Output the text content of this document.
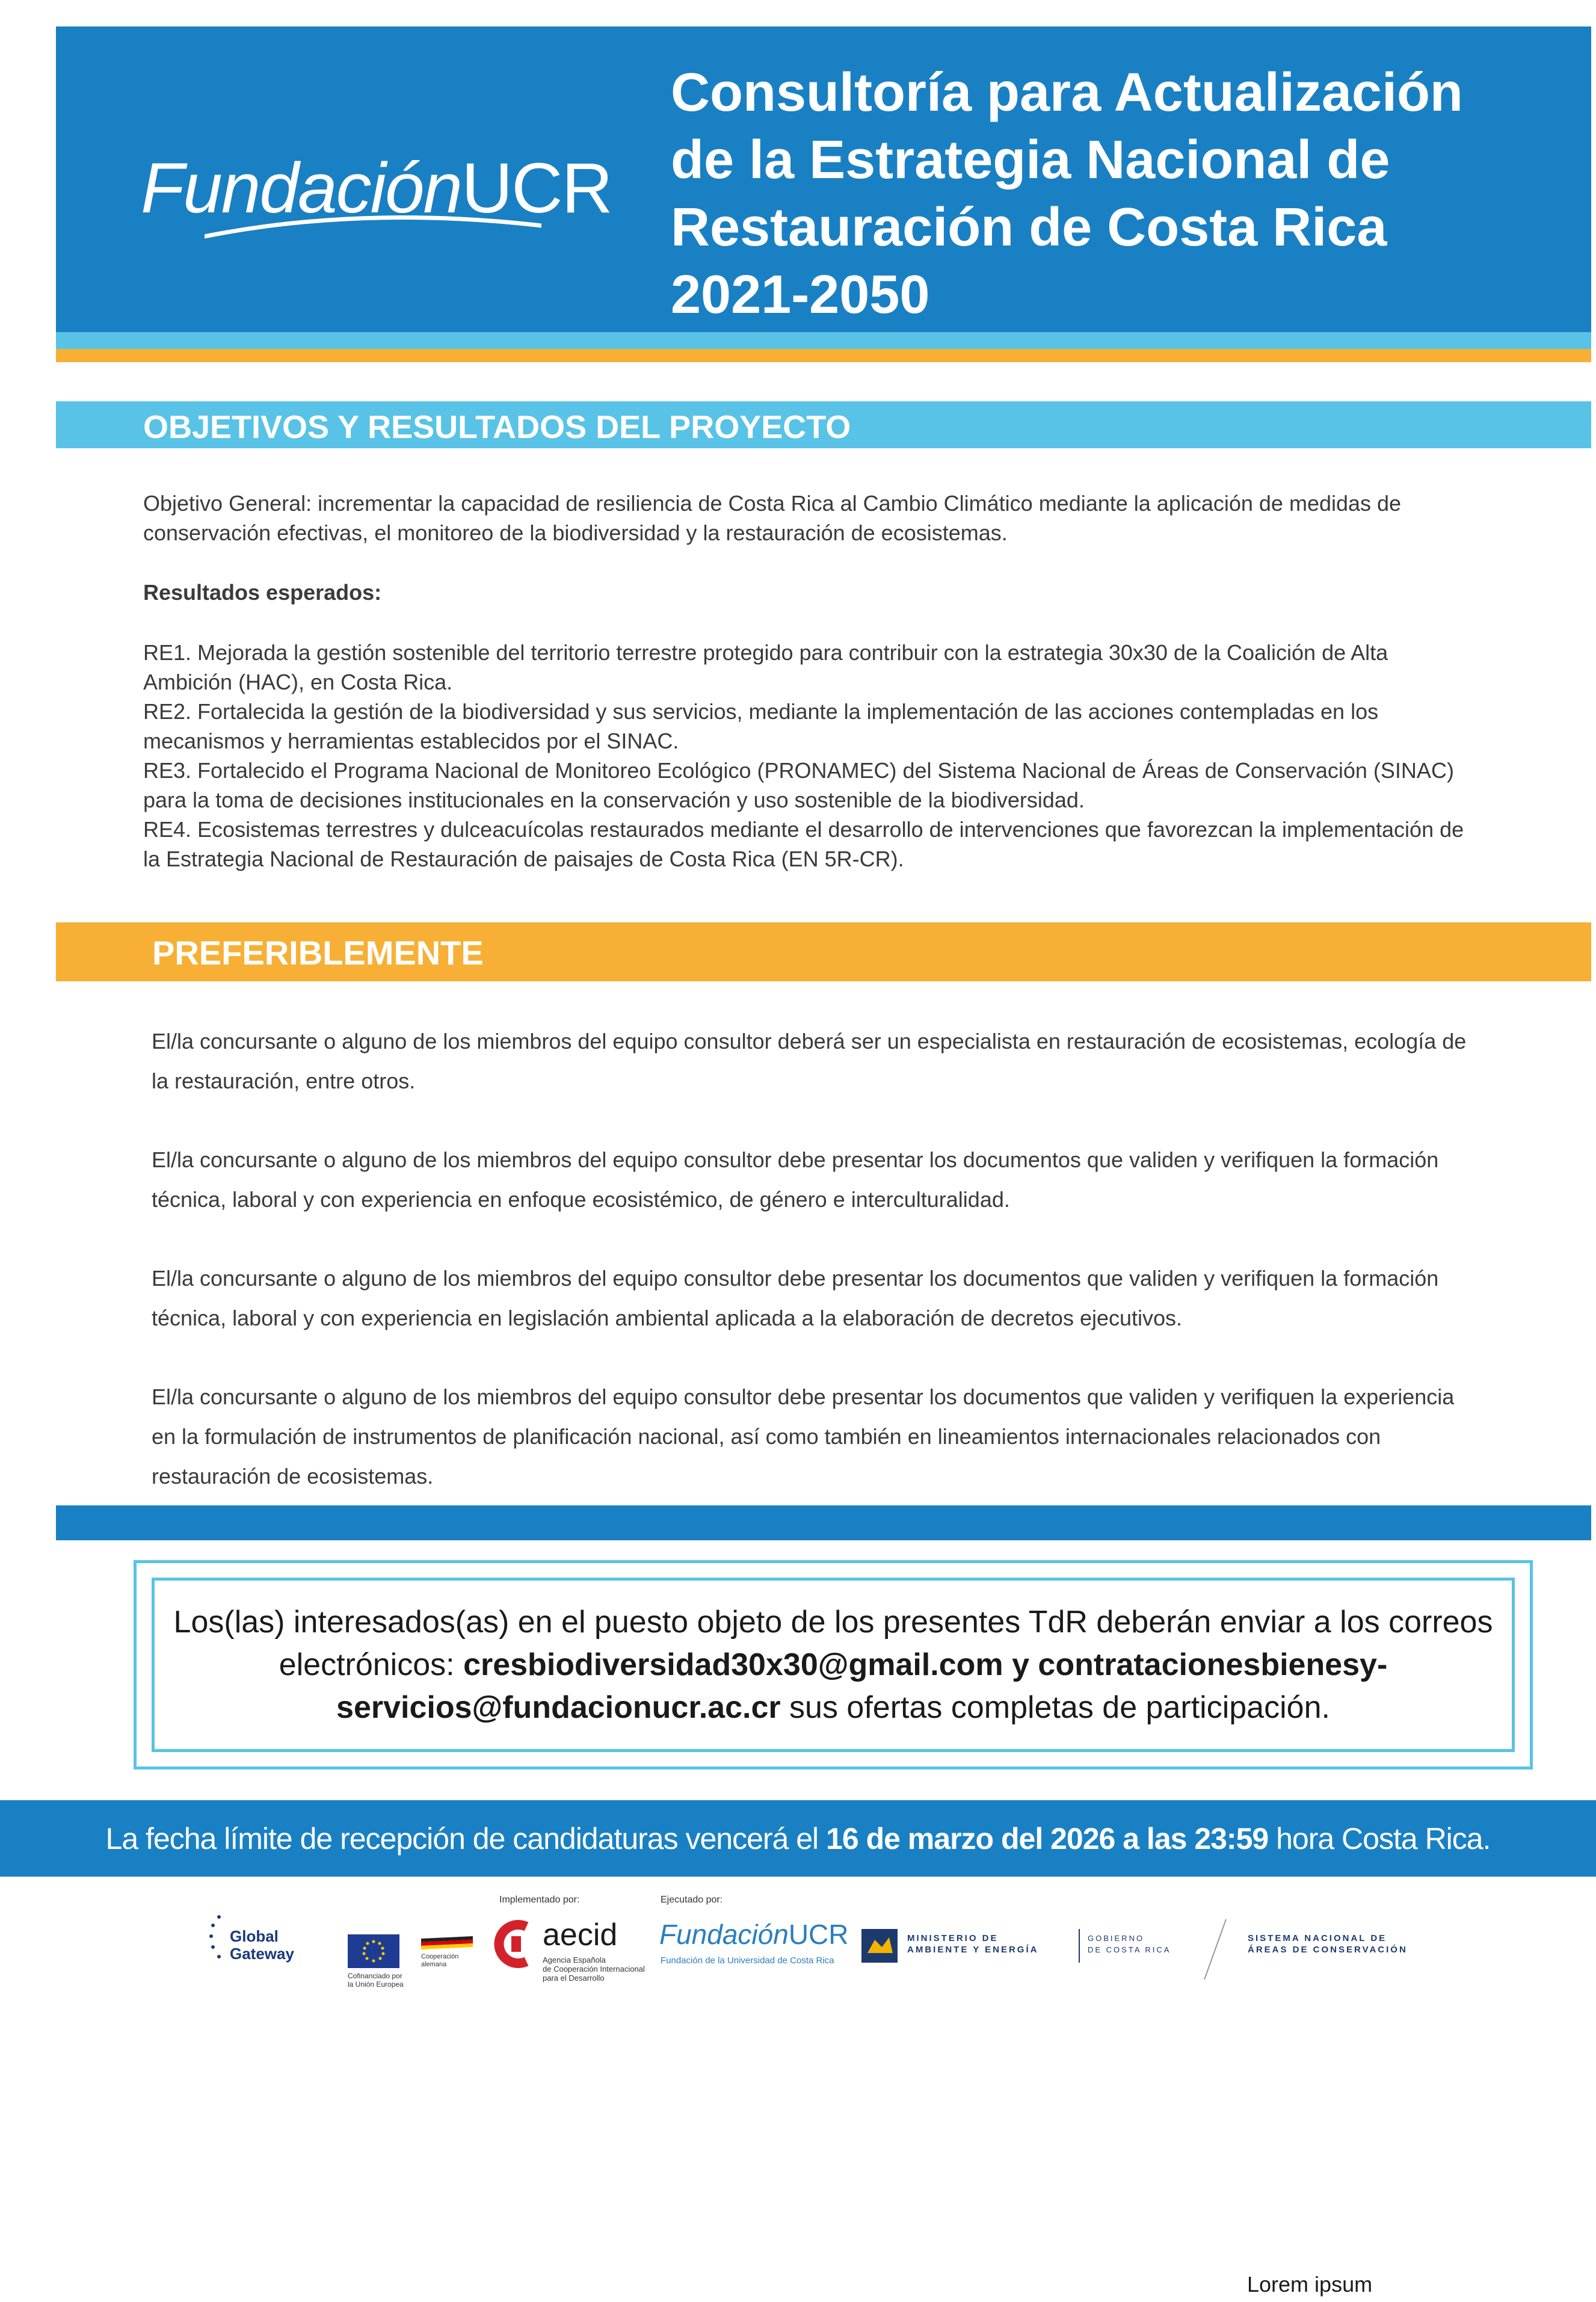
FundaciónUCR
Consultoría para Actualización
de la Estrategia Nacional de
Restauración de Costa Rica
2021-2050
OBJETIVOS Y RESULTADOS DEL PROYECTO
Objetivo General: incrementar la capacidad de resiliencia de Costa Rica al Cambio Climático mediante la aplicación de medidas de conservación efectivas, el monitoreo de la biodiversidad y la restauración de ecosistemas.
Resultados esperados:

RE1. Mejorada la gestión sostenible del territorio terrestre protegido para contribuir con la estrategia 30x30 de la Coalición de Alta Ambición (HAC), en Costa Rica.

RE2. Fortalecida la gestión de la biodiversidad y sus servicios, mediante la implementación de las acciones contempladas en los mecanismos y herramientas establecidos por el SINAC.

RE3. Fortalecido el Programa Nacional de Monitoreo Ecológico (PRONAMEC) del Sistema Nacional de Áreas de Conservación (SINAC) para la toma de decisiones institucionales en la conservación y uso sostenible de la biodiversidad.

RE4. Ecosistemas terrestres y dulceacuícolas restaurados mediante el desarrollo de intervenciones que favorezcan la implementación de la Estrategia Nacional de Restauración de paisajes de Costa Rica (EN 5R-CR).

PREFERIBLEMENTE
El/la concursante o alguno de los miembros del equipo consultor deberá ser un especialista en restauración de ecosistemas, ecología de la restauración, entre otros.
El/la concursante o alguno de los miembros del equipo consultor debe presentar los documentos que validen y verifiquen la formación técnica, laboral y con experiencia en enfoque ecosistémico, de género e interculturalidad.
El/la concursante o alguno de los miembros del equipo consultor debe presentar los documentos que validen y verifiquen la formación técnica, laboral y con experiencia en legislación ambiental aplicada a la elaboración de decretos ejecutivos.
El/la concursante o alguno de los miembros del equipo consultor debe presentar los documentos que validen y verifiquen la experiencia en la formulación de instrumentos de planificación nacional, así como también en lineamientos internacionales relacionados con restauración de ecosistemas.
Los(las) interesados(as) en el puesto objeto de los presentes TdR deberán enviar a los correos electrónicos: cresbiodiversidad30x30@gmail.com y contratacionesbienesy-servicios@fundacionucr.ac.cr sus ofertas completas de participación.
La fecha límite de recepción de candidaturas vencerá el 16 de marzo del 2026 a las 23:59 hora Costa Rica.
Global
Gateway
Cofinanciado por
la Unión Europea
Cooperación
alemana
Implementado por:
aecid
Agencia Española
de Cooperación Internacional
para el Desarrollo
Ejecutado por:
FundaciónUCR
Fundación de la Universidad de Costa Rica
MINISTERIO DE
AMBIENTE Y ENERGÍA
GOBIERNO
DE COSTA RICA
SISTEMA NACIONAL DE
ÁREAS DE CONSERVACIÓN
Lorem ipsum
